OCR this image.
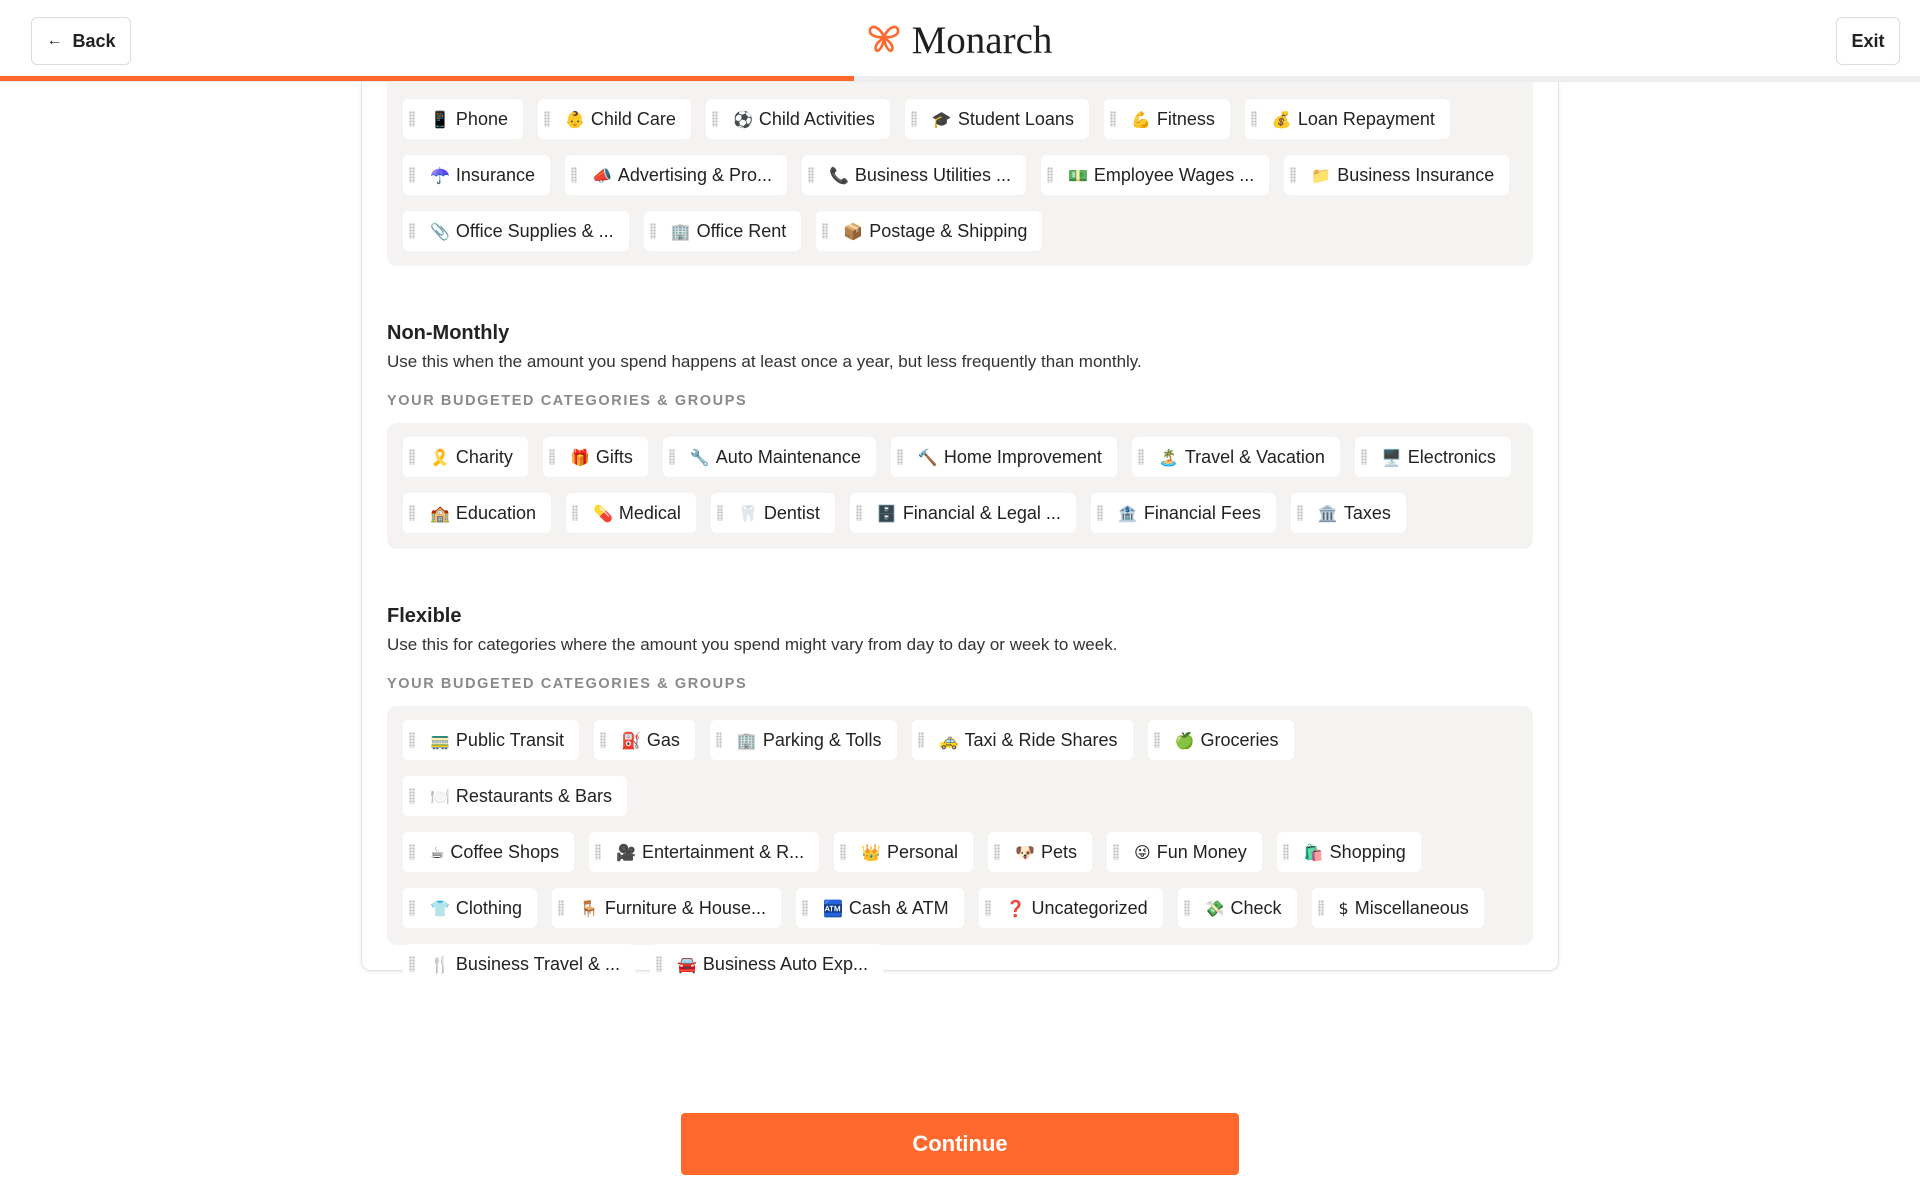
📱 Phone	👶 Child Care	⚽ Child Activities	🎓 Student Loans	💪 Fitness	💰 Loan Repayment
☂️ Insurance	📣 Advertising & Pro...	📞 Business Utilities ...	💵 Employee Wages ...	📁 Business Insurance
📎 Office Supplies & ...	🏢 Office Rent	📦 Postage & Shipping
Non-Monthly
Use this when the amount you spend happens at least once a year, but less frequently than monthly.
YOUR BUDGETED CATEGORIES & GROUPS
🎗️ Charity	🎁 Gifts	🔧 Auto Maintenance	🔨 Home Improvement	🏝️ Travel & Vacation	🖥️ Electronics
🏫 Education	💊 Medical	🦷 Dentist	🗄️ Financial & Legal ...	🏦 Financial Fees	🏛️ Taxes
Flexible
Use this for categories where the amount you spend might vary from day to day or week to week.
YOUR BUDGETED CATEGORIES & GROUPS
🚃 Public Transit	⛽ Gas	🏢 Parking & Tolls	🚕 Taxi & Ride Shares	🍏 Groceries
🍽️ Restaurants & Bars
☕ Coffee Shops	🎥 Entertainment & R...	👑 Personal	🐶 Pets	😜 Fun Money	🛍️ Shopping
👕 Clothing	🪑 Furniture & House...	🏧 Cash & ATM	❓ Uncategorized	💸 Check	$ Miscellaneous
🍴 Business Travel & ...	🚘 Business Auto Exp...
← Back	Monarch	Exit
Continue
